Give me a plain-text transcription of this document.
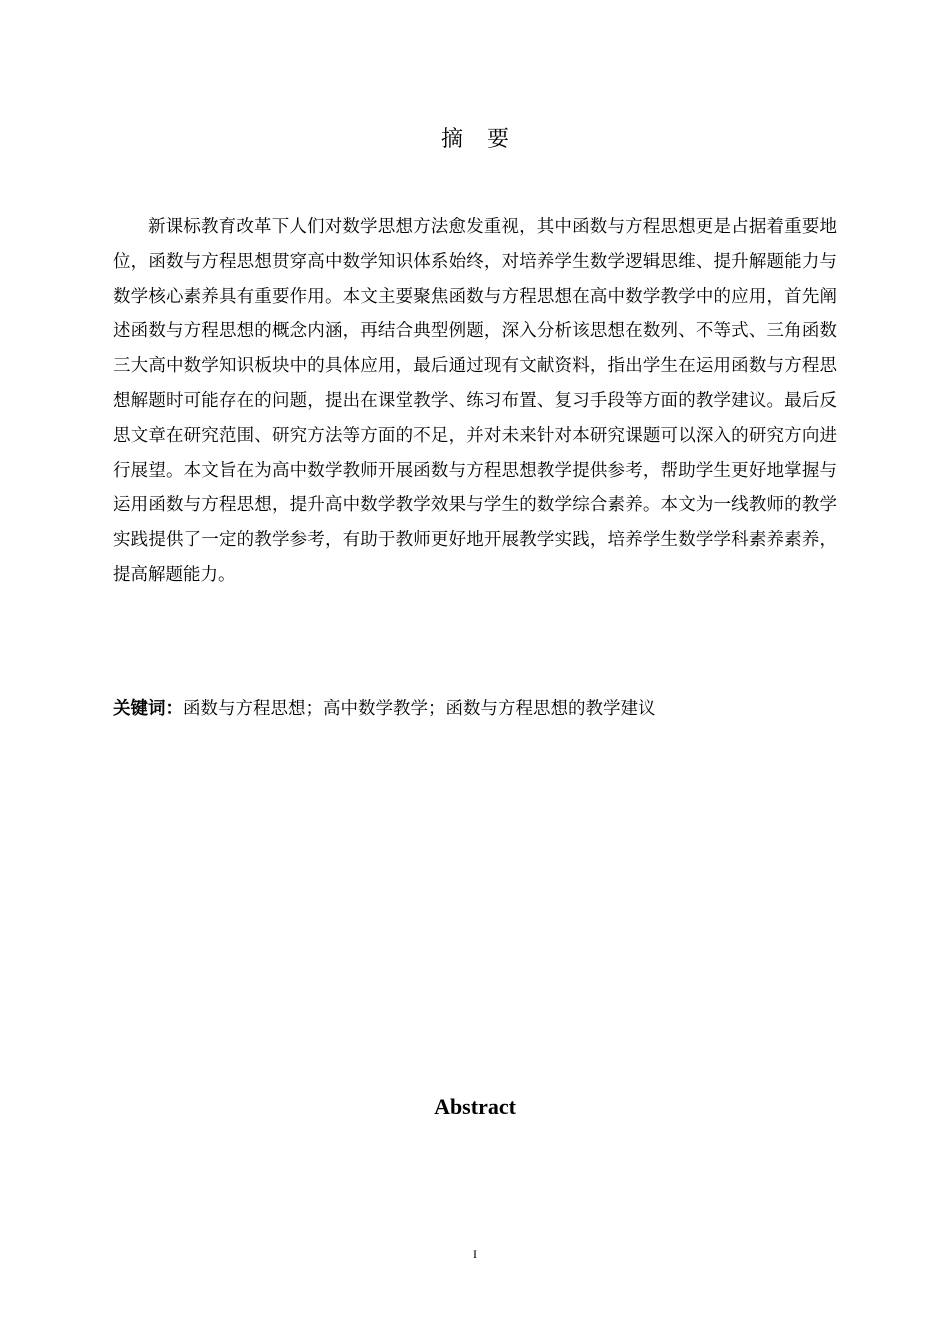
摘要

新课标教育改革下人们对数学思想方法愈发重视，其中函数与方程思想更是占据着重要地位，函数与方程思想贯穿高中数学知识体系始终，对培养学生数学逻辑思维、提升解题能力与数学核心素养具有重要作用。本文主要聚焦函数与方程思想在高中数学教学中的应用，首先阐述函数与方程思想的概念内涵，再结合典型例题，深入分析该思想在数列、不等式、三角函数三大高中数学知识板块中的具体应用，最后通过现有文献资料，指出学生在运用函数与方程思想解题时可能存在的问题，提出在课堂教学、练习布置、复习手段等方面的教学建议。最后反思文章在研究范围、研究方法等方面的不足，并对未来针对本研究课题可以深入的研究方向进行展望。本文旨在为高中数学教师开展函数与方程思想教学提供参考，帮助学生更好地掌握与运用函数与方程思想，提升高中数学教学效果与学生的数学综合素养。本文为一线教师的教学实践提供了一定的教学参考，有助于教师更好地开展教学实践，培养学生数学学科素养素养，提高解题能力。

关键词：函数与方程思想；高中数学教学；函数与方程思想的教学建议

Abstract
I
